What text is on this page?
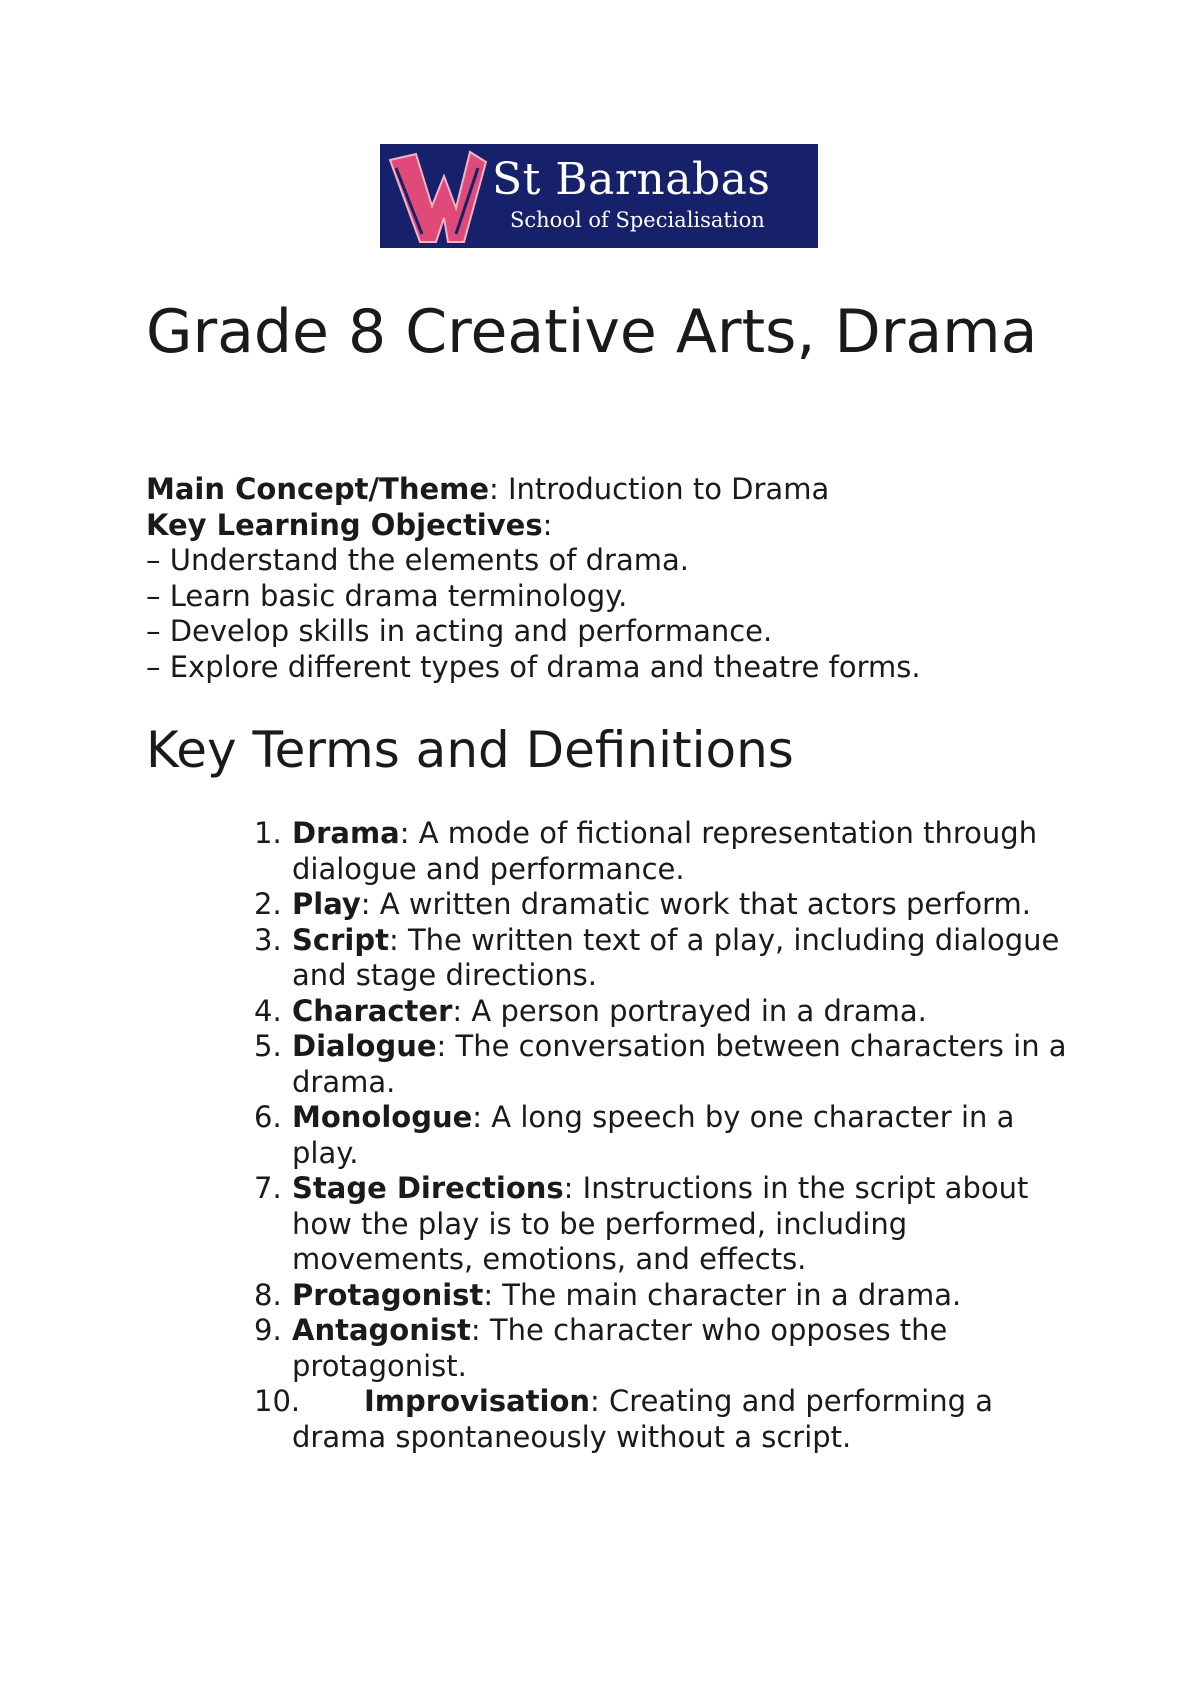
St Barnabas
School of Specialisation
Grade 8 Creative Arts, Drama

Main Concept/Theme: Introduction to Drama

Key Learning Objectives:

– Understand the elements of drama.

– Learn basic drama terminology.

– Develop skills in acting and performance.

– Explore different types of drama and theatre forms.

Key Terms and Definitions
1. Drama: A mode of fictional representation through dialogue and performance.
2. Play: A written dramatic work that actors perform.
3. Script: The written text of a play, including dialogue and stage directions.
4. Character: A person portrayed in a drama.
5. Dialogue: The conversation between characters in a drama.
6. Monologue: A long speech by one character in a play.
7. Stage Directions: Instructions in the script about how the play is to be performed, including movements, emotions, and effects.
8. Protagonist: The main character in a drama.
9. Antagonist: The character who opposes the protagonist.
10. Improvisation: Creating and performing a drama spontaneously without a script.
